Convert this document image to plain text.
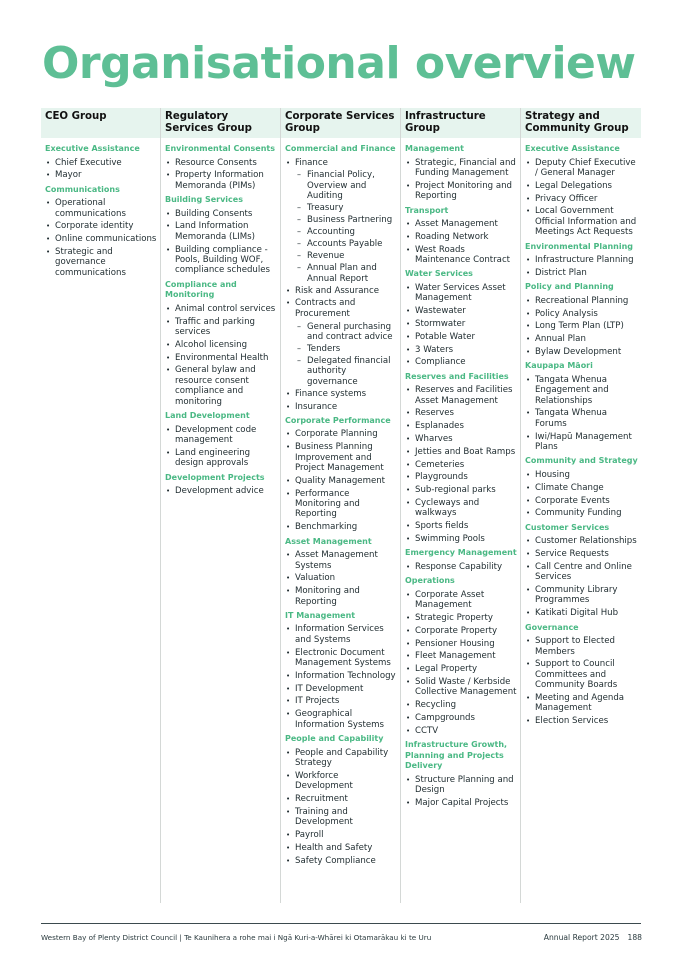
Organisational overview
CEO Group
Executive Assistance
• Chief Executive
• Mayor
Communications
• Operational communications
• Corporate identity
• Online communications
• Strategic and governance communications
Regulatory Services Group
Environmental Consents
• Resource Consents
• Property Information Memoranda (PIMs)
Building Services
• Building Consents
• Land Information Memoranda (LIMs)
• Building compliance - Pools, Building WOF, compliance schedules
Compliance and Monitoring
• Animal control services
• Traffic and parking services
• Alcohol licensing
• Environmental Health
• General bylaw and resource consent compliance and monitoring
Land Development
• Development code management
• Land engineering design approvals
Development Projects
• Development advice
Corporate Services Group
Commercial and Finance
• Finance
– Financial Policy, Overview and Auditing
– Treasury
– Business Partnering
– Accounting
– Accounts Payable
– Revenue
– Annual Plan and Annual Report
• Risk and Assurance
• Contracts and Procurement
– General purchasing and contract advice
– Tenders
– Delegated financial authority governance
• Finance systems
• Insurance
Corporate Performance
• Corporate Planning
• Business Planning Improvement and Project Management
• Quality Management
• Performance Monitoring and Reporting
• Benchmarking
Asset Management
• Asset Management Systems
• Valuation
• Monitoring and Reporting
IT Management
• Information Services and Systems
• Electronic Document Management Systems
• Information Technology
• IT Development
• IT Projects
• Geographical Information Systems
People and Capability
• People and Capability Strategy
• Workforce Development
• Recruitment
• Training and Development
• Payroll
• Health and Safety
• Safety Compliance
Infrastructure Group
Management
• Strategic, Financial and Funding Management
• Project Monitoring and Reporting
Transport
• Asset Management
• Roading Network
• West Roads Maintenance Contract
Water Services
• Water Services Asset Management
• Wastewater
• Stormwater
• Potable Water
• 3 Waters
• Compliance
Reserves and Facilities
• Reserves and Facilities Asset Management
• Reserves
• Esplanades
• Wharves
• Jetties and Boat Ramps
• Cemeteries
• Playgrounds
• Sub-regional parks
• Cycleways and walkways
• Sports fields
• Swimming Pools
Emergency Management
• Response Capability
Operations
• Corporate Asset Management
• Strategic Property
• Corporate Property
• Pensioner Housing
• Fleet Management
• Legal Property
• Solid Waste / Kerbside Collective Management
• Recycling
• Campgrounds
• CCTV
Infrastructure Growth, Planning and Projects Delivery
• Structure Planning and Design
• Major Capital Projects
Strategy and Community Group
Executive Assistance
• Deputy Chief Executive / General Manager
• Legal Delegations
• Privacy Officer
• Local Government Official Information and Meetings Act Requests
Environmental Planning
• Infrastructure Planning
• District Plan
Policy and Planning
• Recreational Planning
• Policy Analysis
• Long Term Plan (LTP)
• Annual Plan
• Bylaw Development
Kaupapa Māori
• Tangata Whenua Engagement and Relationships
• Tangata Whenua Forums
• Iwi/Hapū Management Plans
Community and Strategy
• Housing
• Climate Change
• Corporate Events
• Community Funding
Customer Services
• Customer Relationships
• Service Requests
• Call Centre and Online Services
• Community Library Programmes
• Katikati Digital Hub
Governance
• Support to Elected Members
• Support to Council Committees and Community Boards
• Meeting and Agenda Management
• Election Services
Western Bay of Plenty District Council | Te Kaunihera a rohe mai i Ngā Kuri-a-Whārei ki Otamarākau ki te Uru	Annual Report 2025 188
